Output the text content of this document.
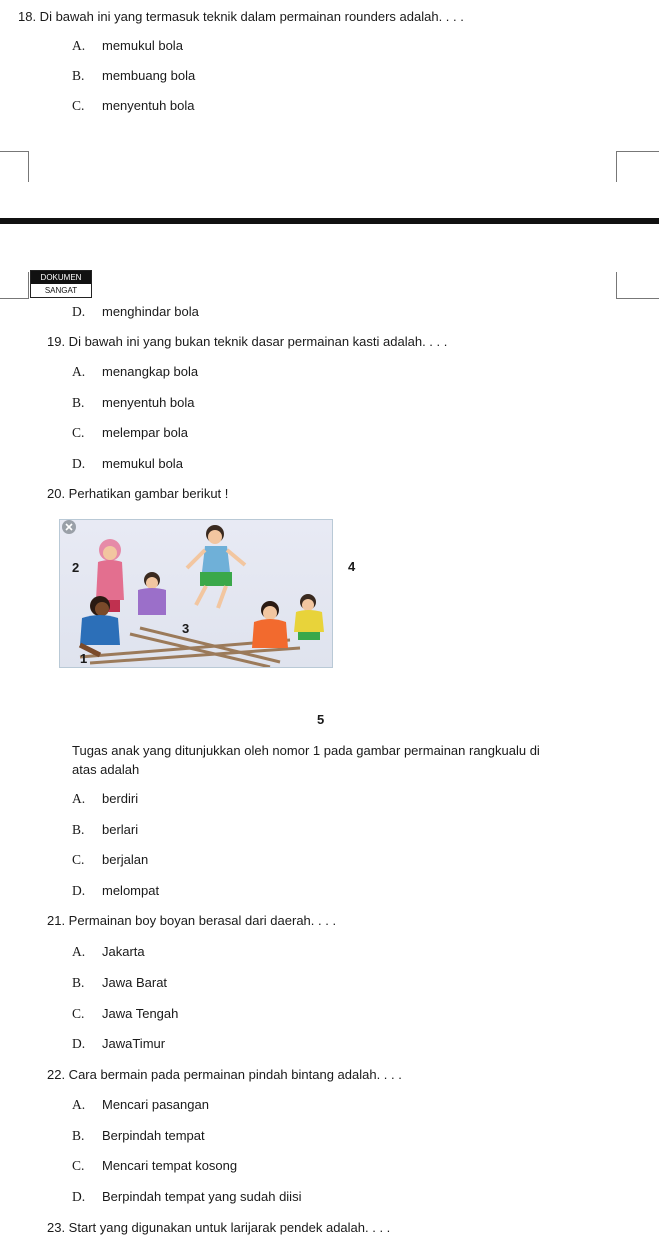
18. Di bawah ini yang termasuk teknik dalam permainan rounders adalah. . . .
A. memukul bola
B. membuang bola
C. menyentuh bola
DOKUMEN
SANGAT
D. menghindar bola
19. Di bawah ini yang bukan teknik dasar permainan kasti adalah. . . .
A. menangkap bola
B. menyentuh bola
C. melempar bola
D. memukul bola
20. Perhatikan gambar berikut !
2
3
1
4
5
Tugas anak yang ditunjukkan oleh nomor 1 pada gambar permainan rangkualu di
atas adalah
A. berdiri
B. berlari
C. berjalan
D. melompat
21. Permainan boy boyan berasal dari daerah. . . .
A. Jakarta
B. Jawa Barat
C. Jawa Tengah
D. JawaTimur
22. Cara bermain pada permainan pindah bintang adalah. . . .
A. Mencari pasangan
B. Berpindah tempat
C. Mencari tempat kosong
D. Berpindah tempat yang sudah diisi
23. Start yang digunakan untuk larijarak pendek adalah. . . .
